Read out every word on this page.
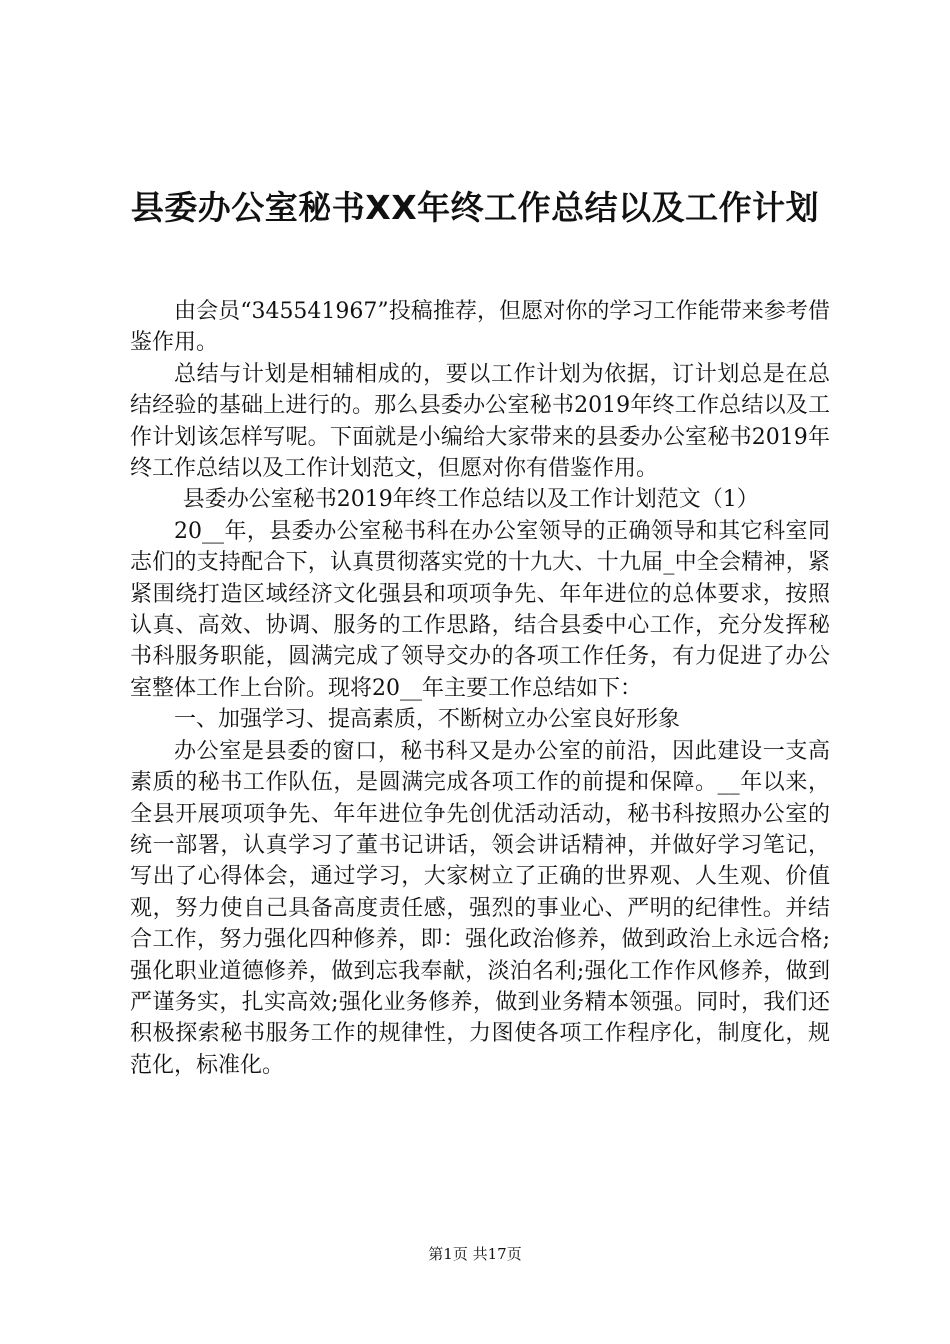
县委办公室秘书XX年终工作总结以及工作计划

由会员“345541967”投稿推荐，但愿对你的学习工作能带来参考借鉴作用。

总结与计划是相辅相成的，要以工作计划为依据，订计划总是在总结经验的基础上进行的。那么县委办公室秘书2019年终工作总结以及工作计划该怎样写呢。下面就是小编给大家带来的县委办公室秘书2019年终工作总结以及工作计划范文，但愿对你有借鉴作用。

县委办公室秘书2019年终工作总结以及工作计划范文（1）

20__年，县委办公室秘书科在办公室领导的正确领导和其它科室同志们的支持配合下，认真贯彻落实党的十九大、十九届_中全会精神，紧紧围绕打造区域经济文化强县和项项争先、年年进位的总体要求，按照认真、高效、协调、服务的工作思路，结合县委中心工作，充分发挥秘书科服务职能，圆满完成了领导交办的各项工作任务，有力促进了办公室整体工作上台阶。现将20__年主要工作总结如下：

一、加强学习、提高素质，不断树立办公室良好形象

办公室是县委的窗口，秘书科又是办公室的前沿，因此建设一支高素质的秘书工作队伍，是圆满完成各项工作的前提和保障。__年以来，全县开展项项争先、年年进位争先创优活动活动，秘书科按照办公室的统一部署，认真学习了董书记讲话，领会讲话精神，并做好学习笔记，写出了心得体会，通过学习，大家树立了正确的世界观、人生观、价值观，努力使自己具备高度责任感，强烈的事业心、严明的纪律性。并结合工作，努力强化四种修养，即：强化政治修养，做到政治上永远合格;强化职业道德修养，做到忘我奉献，淡泊名利;强化工作作风修养，做到严谨务实，扎实高效;强化业务修养，做到业务精本领强。同时，我们还积极探索秘书服务工作的规律性，力图使各项工作程序化，制度化，规范化，标准化。

第1页 共17页
